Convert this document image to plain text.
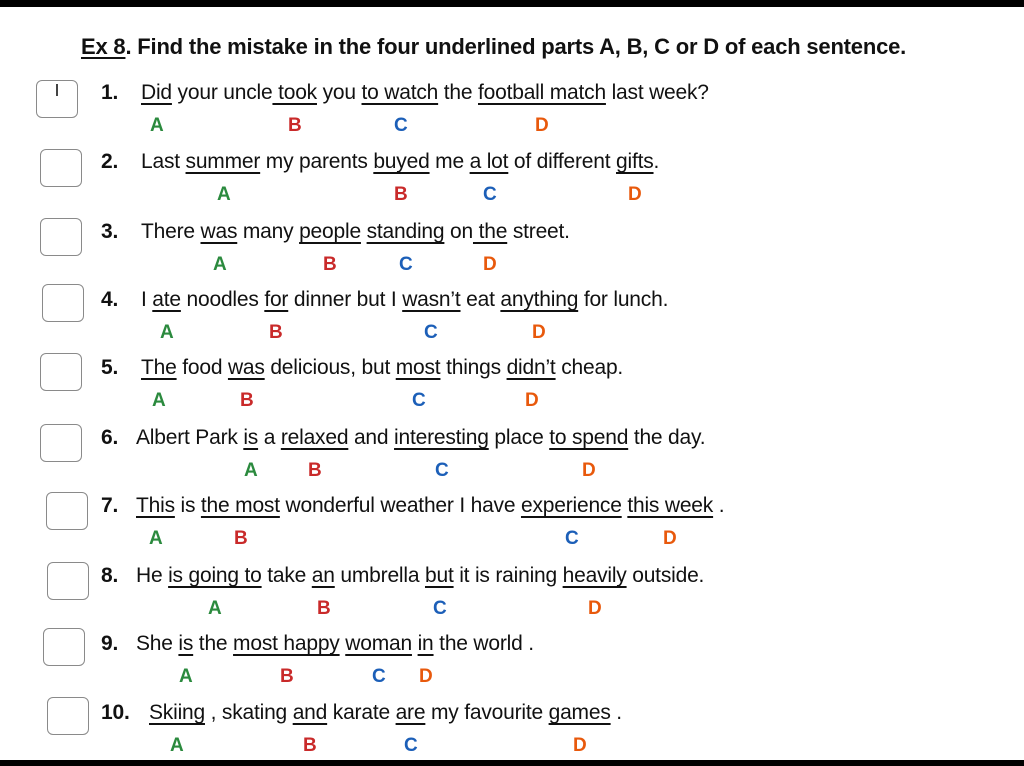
Ex 8. Find the mistake in the four underlined parts A, B, C or D of each sentence.
1. Did your uncle took you to watch the football match last week?
A	B	C	D
2. Last summer my parents buyed me a lot of different gifts.
A	B	C	D
3. There was many people standing on the street.
A	B	C	D
4. I ate noodles for dinner but I wasn’t eat anything for lunch.
A	B	C	D
5. The food was delicious, but most things didn’t cheap.
A	B	C	D
6. Albert Park is a relaxed and interesting place to spend the day.
A	B	C	D
7. This is the most wonderful weather I have experience this week .
A	B	C	D
8. He is going to take an umbrella but it is raining heavily outside.
A	B	C	D
9. She is the most happy woman in the world .
A	B	C D
10. Skiing , skating and karate are my favourite games .
A	B	C	D
